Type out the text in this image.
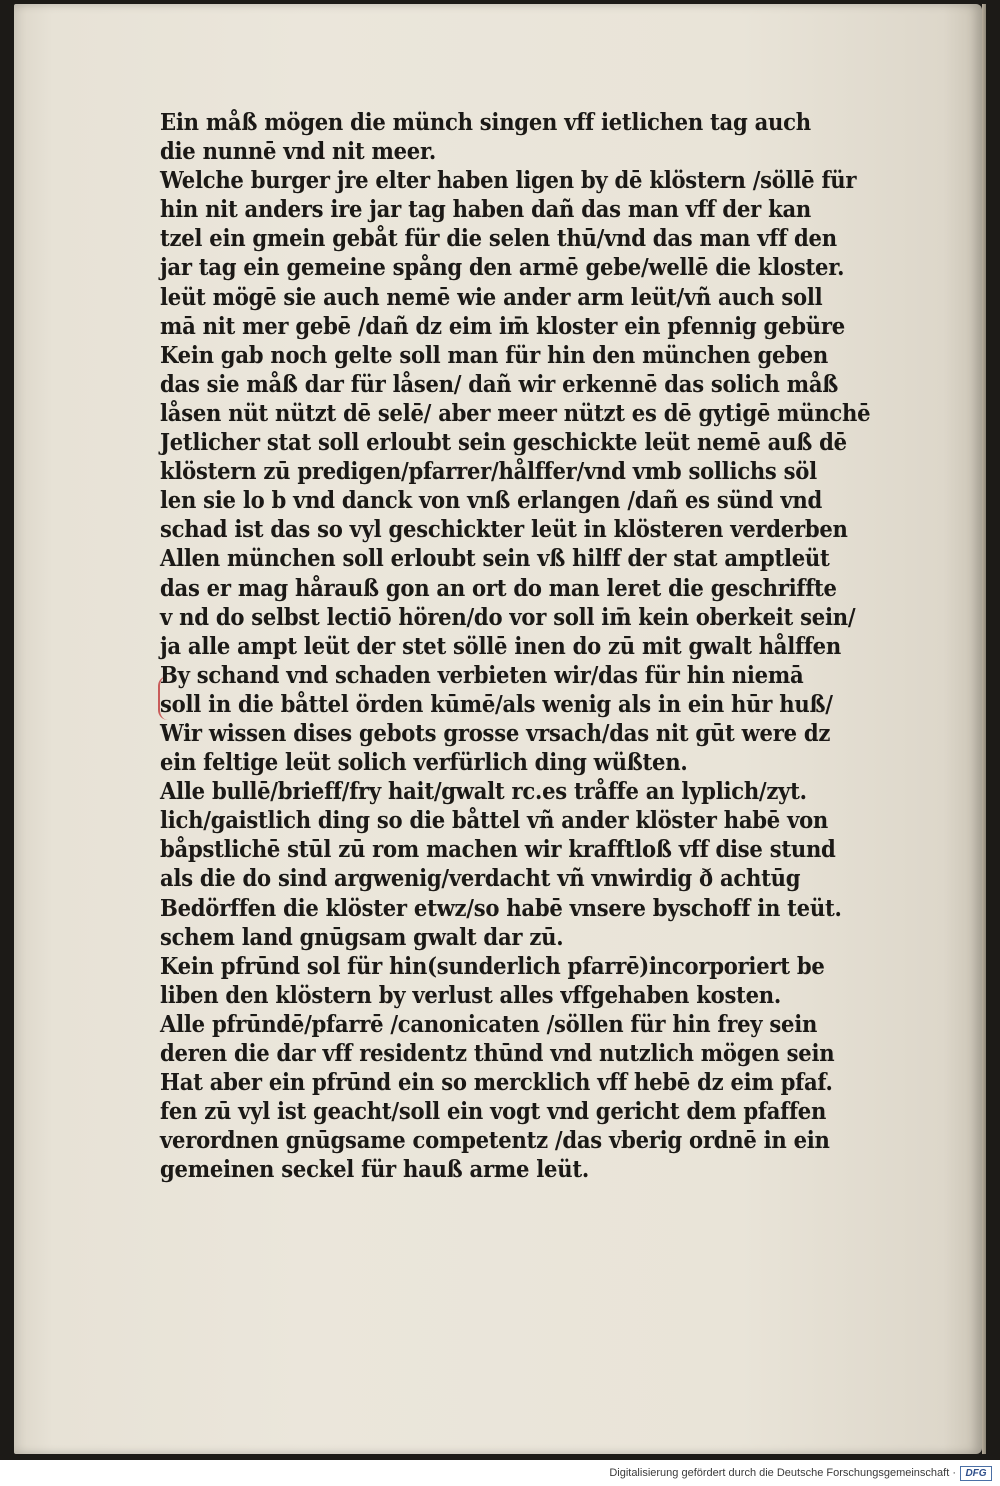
Ein måß mögen die münch singen vff ietlichen tag auch
die nunnē vnd nit meer.
Welche burger jre elter haben ligen by dē klöstern /söllē für
hin nit anders ire jar tag haben dañ das man vff der kan
tzel ein gmein gebåt für die selen thū/vnd das man vff den
jar tag ein gemeine spång den armē gebe/wellē die kloster.
leüt mögē sie auch nemē wie ander arm leüt/vñ auch soll
mā nit mer gebē /dañ dz eim im̄ kloster ein pfennig gebüre
Kein gab noch gelte soll man für hin den münchen geben
das sie måß dar für låsen/ dañ wir erkennē das solich måß
låsen nüt nützt dē selē/ aber meer nützt es dē gytigē münchē
Jetlicher stat soll erloubt sein geschickte leüt nemē auß dē
klöstern zū predigen/pfarrer/hålffer/vnd vmb sollichs söl
len sie lo b vnd danck von vnß erlangen /dañ es sünd vnd
schad ist das so vyl geschickter leüt in klösteren verderben
Allen münchen soll erloubt sein vß hilff der stat amptleüt
das er mag hårauß gon an ort do man leret die geschriffte
v nd do selbst lectiō hören/do vor soll im̄ kein oberkeit sein/
ja alle ampt leüt der stet söllē inen do zū mit gwalt hålffen
By schand vnd schaden verbieten wir/das für hin niemā
soll in die båttel örden kūmē/als wenig als in ein hūr huß/
Wir wissen dises gebots grosse vrsach/das nit gūt were dz
ein feltige leüt solich verfürlich ding wüßten.
Alle bullē/brieff/fry hait/gwalt rc.es tråffe an lyplich/zyt.
lich/gaistlich ding so die båttel vñ ander klöster habē von
båpstlichē stūl zū rom machen wir krafftloß vff dise stund
als die do sind argwenig/verdacht vñ vnwirdig ð achtūg
Bedörffen die klöster etwz/so habē vnsere byschoff in teüt.
schem land gnūgsam gwalt dar zū.
Kein pfrūnd sol für hin(sunderlich pfarrē)incorporiert be
liben den klöstern by verlust alles vffgehaben kosten.
Alle pfrūndē/pfarrē /canonicaten /söllen für hin frey sein
deren die dar vff residentz thūnd vnd nutzlich mögen sein
Hat aber ein pfrūnd ein so mercklich vff hebē dz eim pfaf.
fen zū vyl ist geacht/soll ein vogt vnd gericht dem pfaffen
verordnen gnūgsame competentz /das vberig ordnē in ein
gemeinen seckel für hauß arme leüt.
Digitalisierung gefördert durch die Deutsche Forschungsgemeinschaft · DFG
